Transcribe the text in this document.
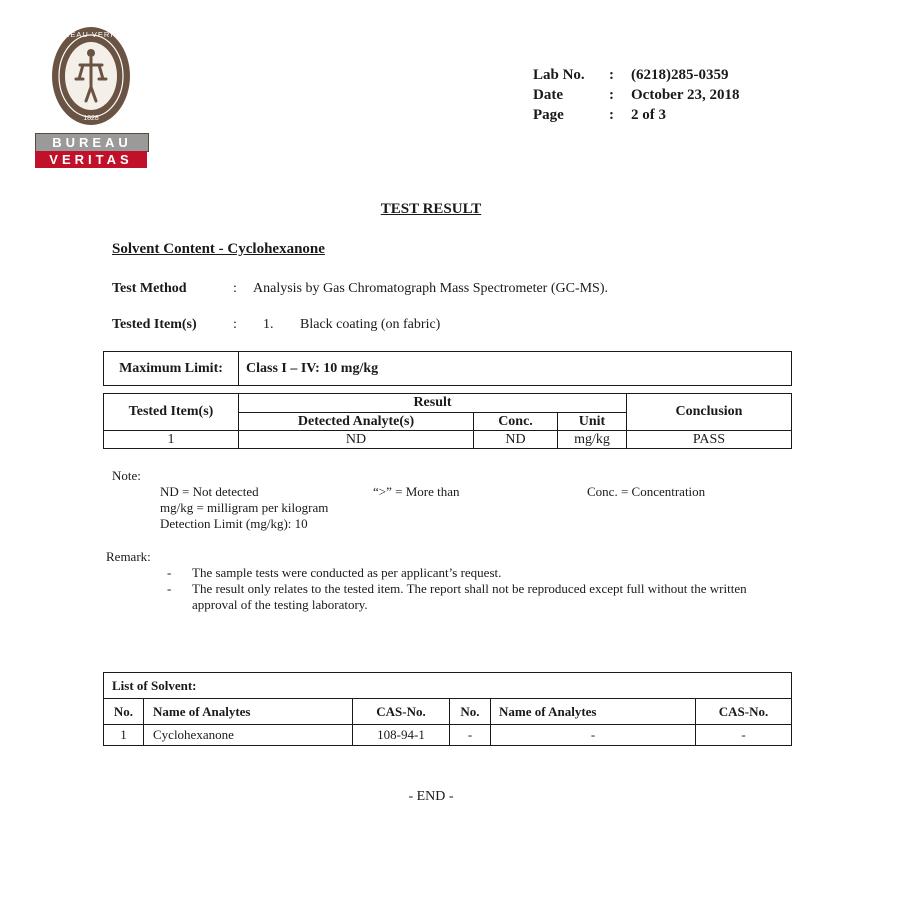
BUREAU VERITAS
1828
BUREAU
VERITAS
Lab No. : (6218)285-0359
Date	: October 23, 2018
Page	: 2 of 3
TEST RESULT
Solvent Content - Cyclohexanone
Test Method	: Analysis by Gas Chromatograph Mass Spectrometer (GC-MS).
Tested Item(s)	: 1. Black coating (on fabric)
Maximum Limit:	Class I – IV: 10 mg/kg
Tested Item(s)	Result			Conclusion
	Detected Analyte(s)	Conc.	Unit	
1	ND	ND	mg/kg	PASS
Note:
ND = Not detected	“>” = More than	Conc. = Concentration
mg/kg = milligram per kilogram
Detection Limit (mg/kg): 10
Remark:
- The sample tests were conducted as per applicant’s request.
- The result only relates to the tested item. The report shall not be reproduced except full without the written
approval of the testing laboratory.
List of Solvent:					
No.	Name of Analytes	CAS-No.	No.	Name of Analytes	CAS-No.
1	Cyclohexanone	108-94-1	-	-	-
- END -
